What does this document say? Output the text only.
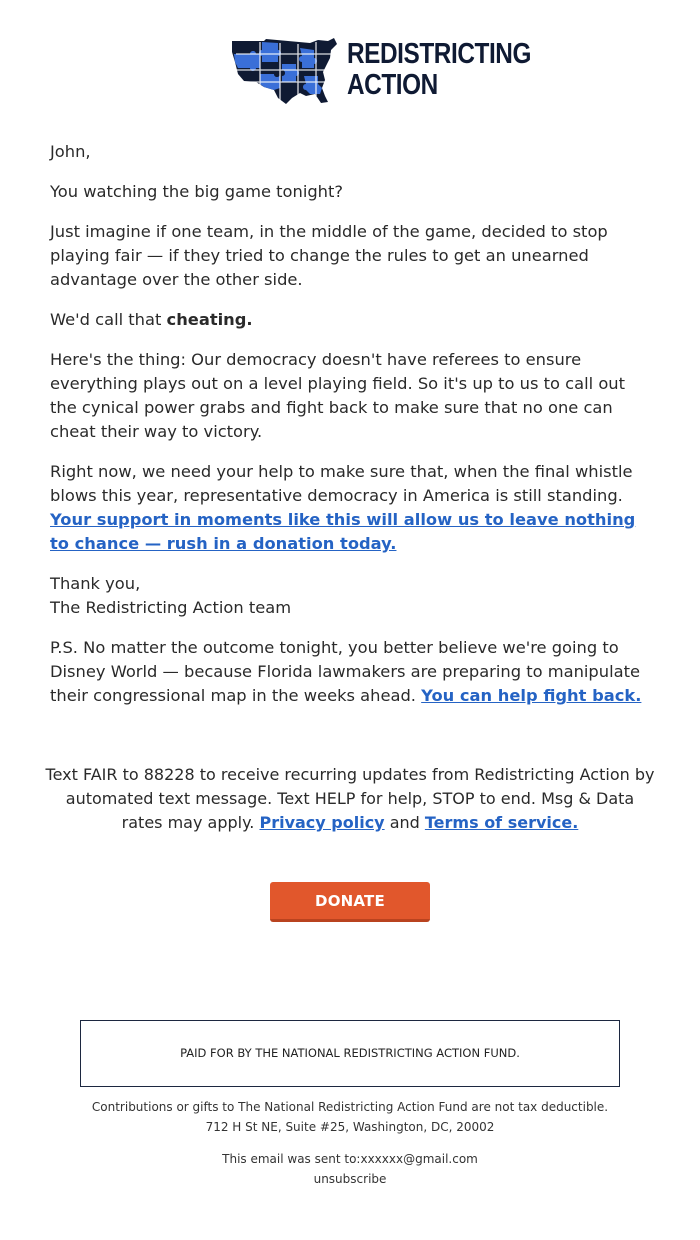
REDISTRICTING
ACTION

John,

You watching the big game tonight?

Just imagine if one team, in the middle of the game, decided to stop playing fair — if they tried to change the rules to get an unearned advantage over the other side.

We'd call that cheating.

Here's the thing: Our democracy doesn't have referees to ensure everything plays out on a level playing field. So it's up to us to call out the cynical power grabs and fight back to make sure that no one can cheat their way to victory.

Right now, we need your help to make sure that, when the final whistle blows this year, representative democracy in America is still standing. Your support in moments like this will allow us to leave nothing to chance — rush in a donation today.

Thank you,
The Redistricting Action team

P.S. No matter the outcome tonight, you better believe we're going to Disney World — because Florida lawmakers are preparing to manipulate their congressional map in the weeks ahead. You can help fight back.

Text FAIR to 88228 to receive recurring updates from Redistricting Action by automated text message. Text HELP for help, STOP to end. Msg & Data rates may apply. Privacy policy and Terms of service.
DONATE
PAID FOR BY THE NATIONAL REDISTRICTING ACTION FUND.
Contributions or gifts to The National Redistricting Action Fund are not tax deductible.
712 H St NE, Suite #25, Washington, DC, 20002
This email was sent to:xxxxxx@gmail.com
unsubscribe
